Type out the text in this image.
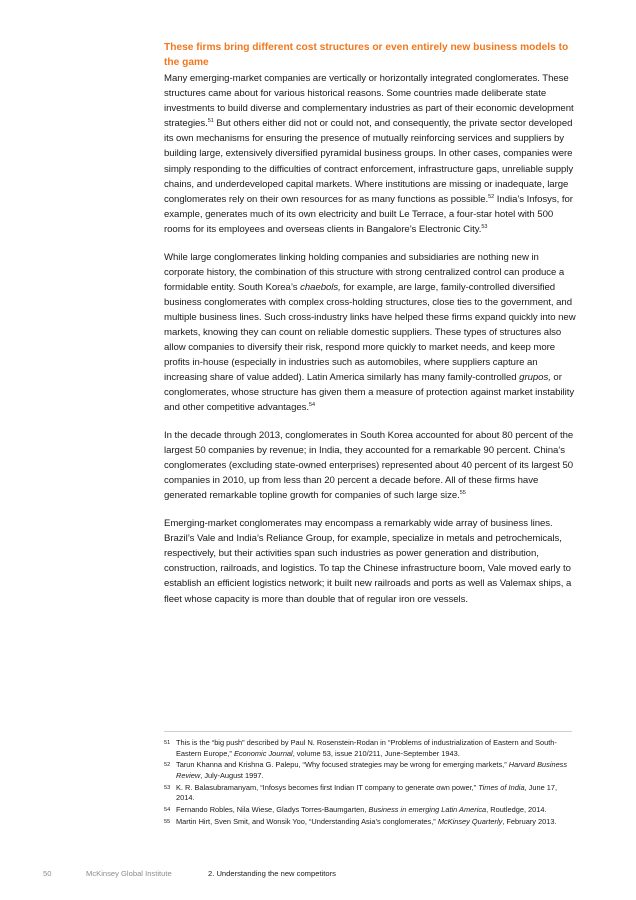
These firms bring different cost structures or even entirely new business models to the game
Many emerging-market companies are vertically or horizontally integrated conglomerates. These structures came about for various historical reasons. Some countries made deliberate state investments to build diverse and complementary industries as part of their economic development strategies.$^{51}$ But others either did not or could not, and consequently, the private sector developed its own mechanisms for ensuring the presence of mutually reinforcing services and suppliers by building large, extensively diversified pyramidal business groups. In other cases, companies were simply responding to the difficulties of contract enforcement, infrastructure gaps, unreliable supply chains, and underdeveloped capital markets. Where institutions are missing or inadequate, large conglomerates rely on their own resources for as many functions as possible.$^{52}$ India’s Infosys, for example, generates much of its own electricity and built Le Terrace, a four-star hotel with 500 rooms for its employees and overseas clients in Bangalore’s Electronic City.$^{53}$
While large conglomerates linking holding companies and subsidiaries are nothing new in corporate history, the combination of this structure with strong centralized control can produce a formidable entity. South Korea’s chaebols, for example, are large, family-controlled diversified business conglomerates with complex cross-holding structures, close ties to the government, and multiple business lines. Such cross-industry links have helped these firms expand quickly into new markets, knowing they can count on reliable domestic suppliers. These types of structures also allow companies to diversify their risk, respond more quickly to market needs, and keep more profits in-house (especially in industries such as automobiles, where suppliers capture an increasing share of value added). Latin America similarly has many family-controlled grupos, or conglomerates, whose structure has given them a measure of protection against market instability and other competitive advantages.$^{54}$
In the decade through 2013, conglomerates in South Korea accounted for about 80 percent of the largest 50 companies by revenue; in India, they accounted for a remarkable 90 percent. China’s conglomerates (excluding state-owned enterprises) represented about 40 percent of its largest 50 companies in 2010, up from less than 20 percent a decade before. All of these firms have generated remarkable topline growth for companies of such large size.$^{55}$
Emerging-market conglomerates may encompass a remarkably wide array of business lines. Brazil’s Vale and India’s Reliance Group, for example, specialize in metals and petrochemicals, respectively, but their activities span such industries as power generation and distribution, construction, railroads, and logistics. To tap the Chinese infrastructure boom, Vale moved early to establish an efficient logistics network; it built new railroads and ports as well as Valemax ships, a fleet whose capacity is more than double that of regular iron ore vessels.
51 This is the “big push” described by Paul N. Rosenstein-Rodan in “Problems of industrialization of Eastern and South-Eastern Europe,” Economic Journal, volume 53, issue 210/211, June-September 1943.
52 Tarun Khanna and Krishna G. Palepu, “Why focused strategies may be wrong for emerging markets,” Harvard Business Review, July-August 1997.
53 K. R. Balasubramanyam, “Infosys becomes first Indian IT company to generate own power,” Times of India, June 17, 2014.
54 Fernando Robles, Nila Wiese, Gladys Torres-Baumgarten, Business in emerging Latin America, Routledge, 2014.
55 Martin Hirt, Sven Smit, and Wonsik Yoo, “Understanding Asia’s conglomerates,” McKinsey Quarterly, February 2013.
50	McKinsey Global Institute	2. Understanding the new competitors
